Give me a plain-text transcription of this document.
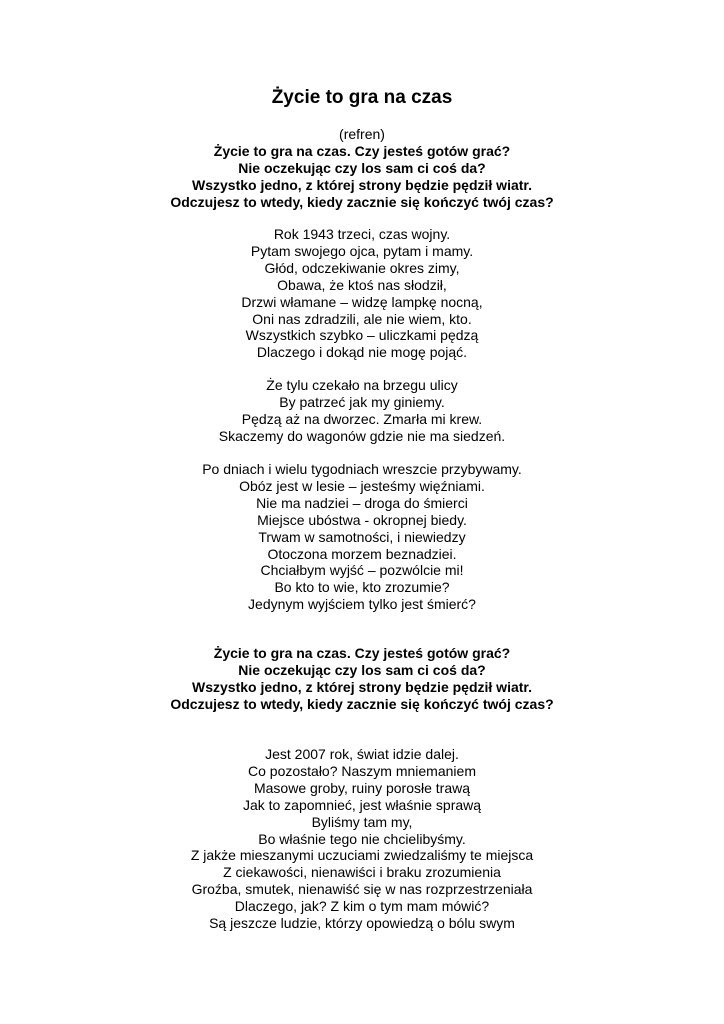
Życie to gra na czas
(refren)
Życie to gra na czas. Czy jesteś gotów grać?
Nie oczekując czy los sam ci coś da?
Wszystko jedno, z której strony będzie pędził wiatr.
Odczujesz to wtedy, kiedy zacznie się kończyć twój czas?
Rok 1943 trzeci, czas wojny.
Pytam swojego ojca, pytam i mamy.
Głód, odczekiwanie okres zimy,
Obawa, że ktoś nas słodził,
Drzwi włamane – widzę lampkę nocną,
Oni nas zdradzili, ale nie wiem, kto.
Wszystkich szybko – uliczkami pędzą
Dlaczego i dokąd nie mogę pojąć.
Że tylu czekało na brzegu ulicy
By patrzeć jak my giniemy.
Pędzą aż na dworzec. Zmarła mi krew.
Skaczemy do wagonów gdzie nie ma siedzeń.
Po dniach i wielu tygodniach wreszcie przybywamy.
Obóz jest w lesie – jesteśmy więźniami.
Nie ma nadziei – droga do śmierci
Miejsce ubóstwa - okropnej biedy.
Trwam w samotności, i niewiedzy
Otoczona morzem beznadziei.
Chciałbym wyjść – pozwólcie mi!
Bo kto to wie, kto zrozumie?
Jedynym wyjściem tylko jest śmierć?
Życie to gra na czas. Czy jesteś gotów grać?
Nie oczekując czy los sam ci coś da?
Wszystko jedno, z której strony będzie pędził wiatr.
Odczujesz to wtedy, kiedy zacznie się kończyć twój czas?
Jest 2007 rok, świat idzie dalej.
Co pozostało? Naszym mniemaniem
Masowe groby, ruiny porosłe trawą
Jak to zapomnieć, jest właśnie sprawą
Byliśmy tam my,
Bo właśnie tego nie chcielibyśmy.
Z jakże mieszanymi uczuciami zwiedzaliśmy te miejsca
Z ciekawości, nienawiści i braku zrozumienia
Groźba, smutek, nienawiść się w nas rozprzestrzeniała
Dlaczego, jak? Z kim o tym mam mówić?
Są jeszcze ludzie, którzy opowiedzą o bólu swym
